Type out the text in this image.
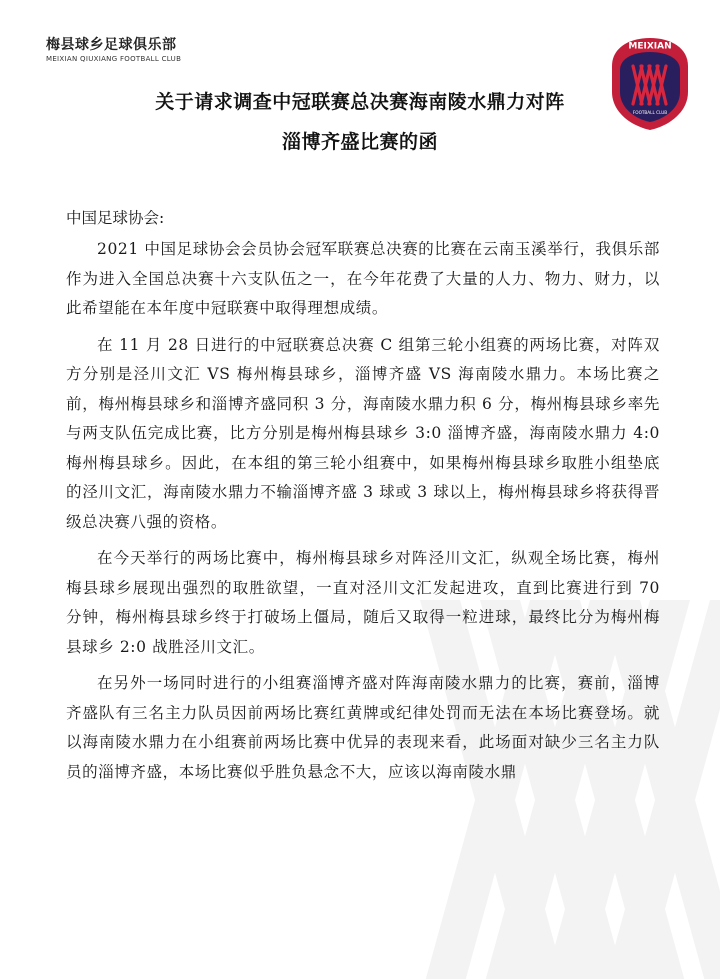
梅县球乡足球俱乐部
MEIXIAN QIUXIANG FOOTBALL CLUB
MEIXIAN
FOOTBALL CLUB
关于请求调查中冠联赛总决赛海南陵水鼎力对阵
淄博齐盛比赛的函
中国足球协会:

2021 中国足球协会会员协会冠军联赛总决赛的比赛在云南玉溪举行，我俱乐部作为进入全国总决赛十六支队伍之一，在今年花费了大量的人力、物力、财力，以此希望能在本年度中冠联赛中取得理想成绩。

在 11 月 28 日进行的中冠联赛总决赛 C 组第三轮小组赛的两场比赛，对阵双方分别是泾川文汇 VS 梅州梅县球乡，淄博齐盛 VS 海南陵水鼎力。本场比赛之前，梅州梅县球乡和淄博齐盛同积 3 分，海南陵水鼎力积 6 分，梅州梅县球乡率先与两支队伍完成比赛，比方分别是梅州梅县球乡 3:0 淄博齐盛，海南陵水鼎力 4:0 梅州梅县球乡。因此，在本组的第三轮小组赛中，如果梅州梅县球乡取胜小组垫底的泾川文汇，海南陵水鼎力不输淄博齐盛 3 球或 3 球以上，梅州梅县球乡将获得晋级总决赛八强的资格。

在今天举行的两场比赛中，梅州梅县球乡对阵泾川文汇，纵观全场比赛，梅州梅县球乡展现出强烈的取胜欲望，一直对泾川文汇发起进攻，直到比赛进行到 70 分钟，梅州梅县球乡终于打破场上僵局，随后又取得一粒进球，最终比分为梅州梅县球乡 2:0 战胜泾川文汇。

在另外一场同时进行的小组赛淄博齐盛对阵海南陵水鼎力的比赛，赛前，淄博齐盛队有三名主力队员因前两场比赛红黄牌或纪律处罚而无法在本场比赛登场。就以海南陵水鼎力在小组赛前两场比赛中优异的表现来看，此场面对缺少三名主力队员的淄博齐盛，本场比赛似乎胜负悬念不大，应该以海南陵水鼎
